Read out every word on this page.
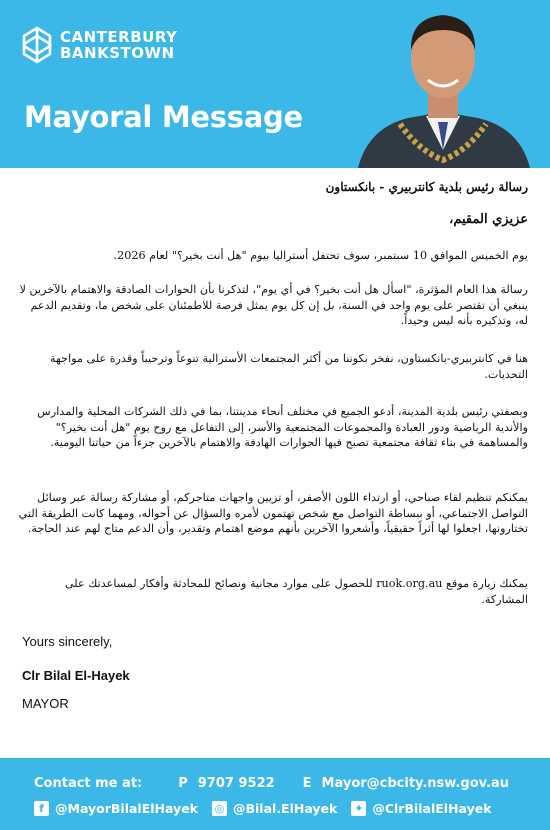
CANTERBURY
BANKSTOWN
Mayoral Message
رسالة رئيس بلدية كانتربيري - بانكستاون
عزيزي المقيم،
يوم الخميس الموافق 10 سبتمبر، سوف تحتفل أستراليا بيوم "هل أنت بخير؟" لعام 2026.
رسالة هذا العام المؤثرة، "اسأل هل أنت بخير؟ في أي يوم"، لتذكرنا بأن الحوارات الصادقة والاهتمام بالآخرين لا ينبغي أن تقتصر على يوم واحد في السنة، بل إن كل يوم يمثل فرصة للاطمئنان على شخص ما، وتقديم الدعم له، وتذكيره بأنه ليس وحيداً.
هنا في كانتربيري-بانكستاون، نفخر بكوننا من أكثر المجتمعات الأسترالية تنوعاً وترحيباً وقدرة على مواجهة التحديات.
وبصفتي رئيس بلدية المدينة، أدعو الجميع في مختلف أنحاء مدينتنا، بما في ذلك الشركات المحلية والمدارس والأندية الرياضية ودور العبادة والمجموعات المجتمعية والأسر، إلى التفاعل مع روح يوم "هل أنت بخير؟" والمساهمة في بناء ثقافة مجتمعية تصبح فيها الحوارات الهادفة والاهتمام بالآخرين جزءاً من حياتنا اليومية.
يمكنكم تنظيم لقاء صباحي، أو ارتداء اللون الأصفر، أو تزيين واجهات متاجركم، أو مشاركة رسالة عبر وسائل التواصل الاجتماعي، أو ببساطة التواصل مع شخص تهتمون لأمره والسؤال عن أحواله، ومهما كانت الطريقة التي تختارونها، اجعلوا لها أثراً حقيقياً، وأشعروا الآخرين بأنهم موضع اهتمام وتقدير، وأن الدعم متاح لهم عند الحاجة.
يمكنك زيارة موقع ruok.org.au للحصول على موارد مجانية ونصائح للمحادثة وأفكار لمساعدتك على المشاركة.
Yours sincerely,
Clr Bilal El-Hayek
MAYOR
Contact me at:	P 9707 9522 E Mayor@cbcity.nsw.gov.au
f @MayorBilalElHayek ◎ @Bilal.ElHayek ✦ @ClrBilalElHayek
